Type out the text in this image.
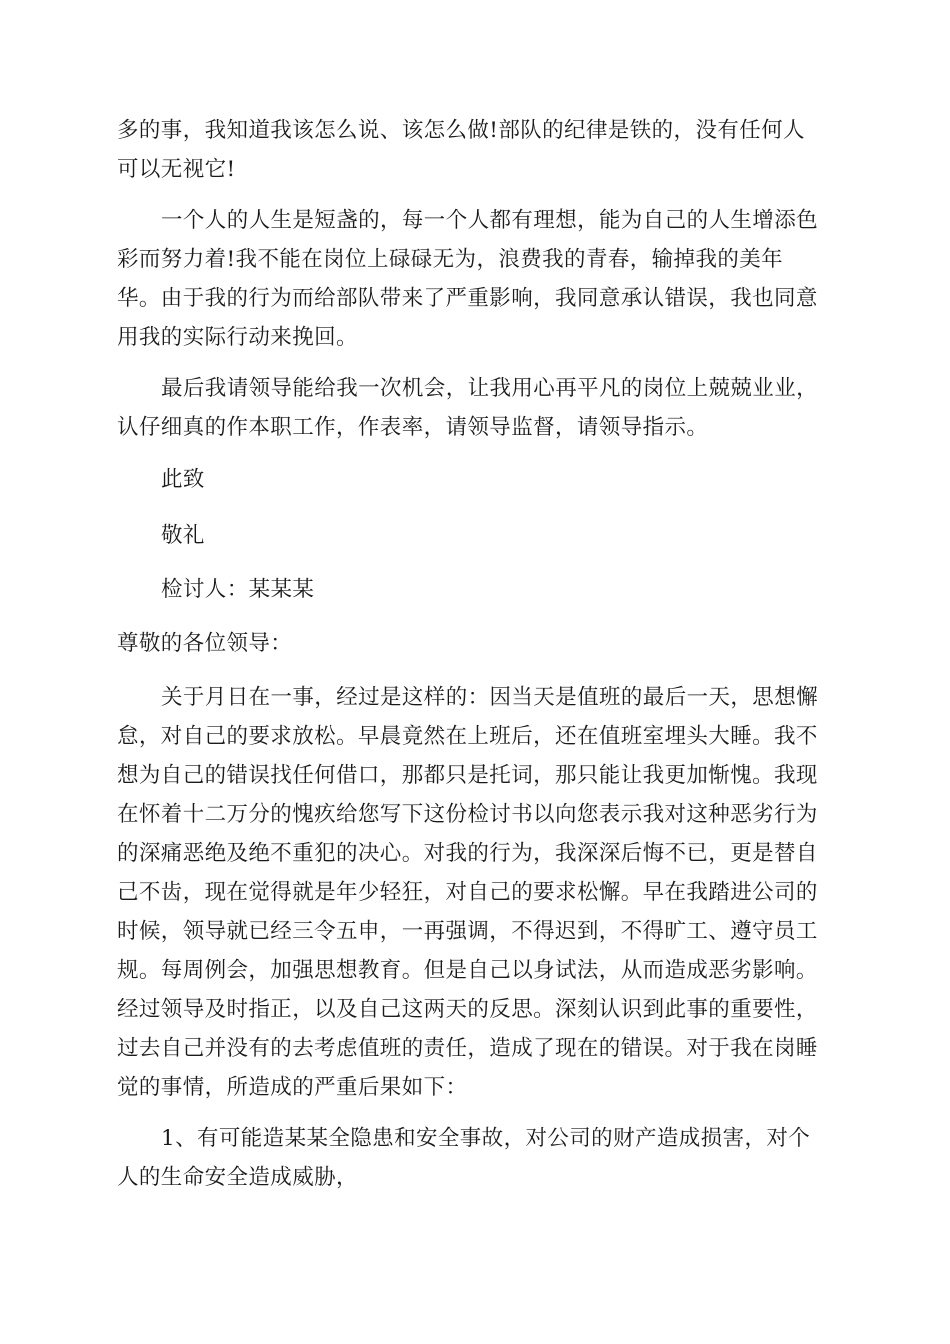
多的事，我知道我该怎么说、该怎么做!部队的纪律是铁的，没有任何人
可以无视它!
一个人的人生是短盏的，每一个人都有理想，能为自己的人生增添色
彩而努力着!我不能在岗位上碌碌无为，浪费我的青春，输掉我的美年
华。由于我的行为而给部队带来了严重影响，我同意承认错误，我也同意
用我的实际行动来挽回。
最后我请领导能给我一次机会，让我用心再平凡的岗位上兢兢业业，
认仔细真的作本职工作，作表率，请领导监督，请领导指示。
此致
敬礼
检讨人：某某某
尊敬的各位领导：
关于月日在一事，经过是这样的：因当天是值班的最后一天，思想懈
怠，对自己的要求放松。早晨竟然在上班后，还在值班室埋头大睡。我不
想为自己的错误找任何借口，那都只是托词，那只能让我更加惭愧。我现
在怀着十二万分的愧疚给您写下这份检讨书以向您表示我对这种恶劣行为
的深痛恶绝及绝不重犯的决心。对我的行为，我深深后悔不已，更是替自
己不齿，现在觉得就是年少轻狂，对自己的要求松懈。早在我踏进公司的
时候，领导就已经三令五申，一再强调，不得迟到，不得旷工、遵守员工
规。每周例会，加强思想教育。但是自己以身试法，从而造成恶劣影响。
经过领导及时指正，以及自己这两天的反思。深刻认识到此事的重要性，
过去自己并没有的去考虑值班的责任，造成了现在的错误。对于我在岗睡
觉的事情，所造成的严重后果如下：
1、有可能造某某全隐患和安全事故，对公司的财产造成损害，对个
人的生命安全造成威胁，
